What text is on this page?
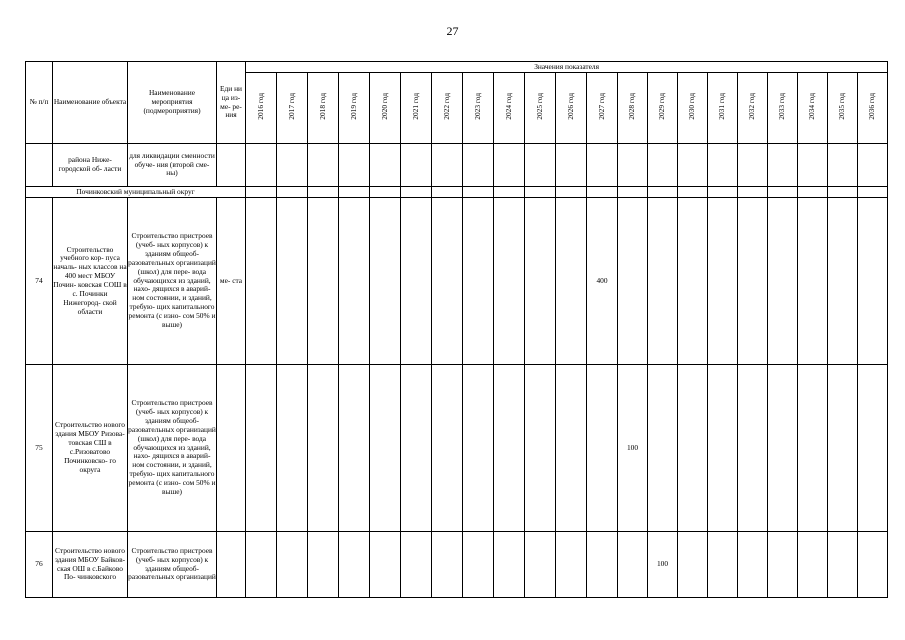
27
№ п/п	Наименование объекта	Наименование мероприятия (подмероприятия)	Еди ни ца из- ме- ре- ния	Значения показателя																				
				2016 год	2017 год	2018 год	2019 год	2020 год	2021 год	2022 год	2023 год	2024 год	2025 год	2026 год	2027 год	2028 год	2029 год	2030 год	2031 год	2032 год	2033 год	2034 год	2035 год	2036 год
	района Ниже- городской об- ласти	для ликвидации сменности обуче- ния (второй сме- ны)																						
Починковский муниципальный округ																								
74	Строительство учебного кор- пуса началь- ных классов на 400 мест МБОУ Почин- ковская СОШ в с. Починки Нижегород- ской области	Строительство пристроев (учеб- ных корпусов) к зданиям общеоб- разовательных организаций (школ) для пере- вода обучающихся из зданий, нахо- дящихся в аварий- ном состоянии, и зданий, требую- щих капитального ремонта (с изно- сом 50% и выше)	ме- ста												400									
75	Строительство нового здания МБОУ Ризова- товская СШ в с.Ризоватово Починковско- го округа	Строительство пристроев (учеб- ных корпусов) к зданиям общеоб- разовательных организаций (школ) для пере- вода обучающихся из зданий, нахо- дящихся в аварий- ном состоянии, и зданий, требую- щих капитального ремонта (с изно- сом 50% и выше)														100								
76	Строительство нового здания МБОУ Байков- ская ОШ в с.Байково По- чинковского	Строительство пристроев (учеб- ных корпусов) к зданиям общеоб- разовательных организаций															100							
